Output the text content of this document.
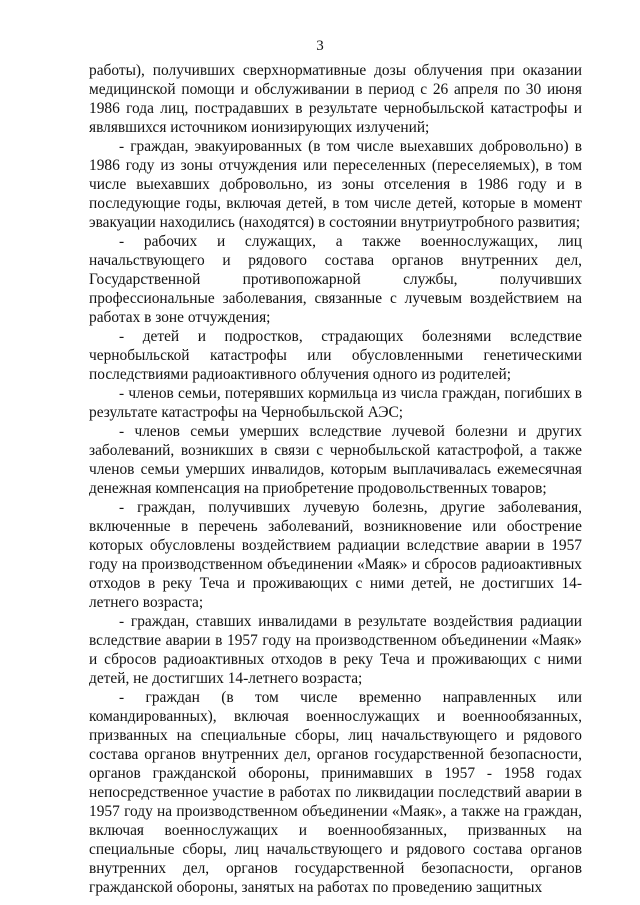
3

работы), получивших сверхнормативные дозы облучения при оказании медицинской помощи и обслуживании в период с 26 апреля по 30 июня 1986 года лиц, пострадавших в результате чернобыльской катастрофы и являвшихся источником ионизирующих излучений;

- граждан, эвакуированных (в том числе выехавших добровольно) в 1986 году из зоны отчуждения или переселенных (переселяемых), в том числе выехавших добровольно, из зоны отселения в 1986 году и в последующие годы, включая детей, в том числе детей, которые в момент эвакуации находились (находятся) в состоянии внутриутробного развития;

- рабочих и служащих, а также военнослужащих, лиц начальствующего и рядового состава органов внутренних дел, Государственной противопожарной службы, получивших профессиональные заболевания, связанные с лучевым воздействием на работах в зоне отчуждения;

- детей и подростков, страдающих болезнями вследствие чернобыльской катастрофы или обусловленными генетическими последствиями радиоактивного облучения одного из родителей;

- членов семьи, потерявших кормильца из числа граждан, погибших в результате катастрофы на Чернобыльской АЭС;

- членов семьи умерших вследствие лучевой болезни и других заболеваний, возникших в связи с чернобыльской катастрофой, а также членов семьи умерших инвалидов, которым выплачивалась ежемесячная денежная компенсация на приобретение продовольственных товаров;

- граждан, получивших лучевую болезнь, другие заболевания, включенные в перечень заболеваний, возникновение или обострение которых обусловлены воздействием радиации вследствие аварии в 1957 году на производственном объединении «Маяк» и сбросов радиоактивных отходов в реку Теча и проживающих с ними детей, не достигших 14-летнего возраста;

- граждан, ставших инвалидами в результате воздействия радиации вследствие аварии в 1957 году на производственном объединении «Маяк» и сбросов радиоактивных отходов в реку Теча и проживающих с ними детей, не достигших 14-летнего возраста;

- граждан (в том числе временно направленных или командированных), включая военнослужащих и военнообязанных, призванных на специальные сборы, лиц начальствующего и рядового состава органов внутренних дел, органов государственной безопасности, органов гражданской обороны, принимавших в 1957 - 1958 годах непосредственное участие в работах по ликвидации последствий аварии в 1957 году на производственном объединении «Маяк», а также на граждан, включая военнослужащих и военнообязанных, призванных на специальные сборы, лиц начальствующего и рядового состава органов внутренних дел, органов государственной безопасности, органов гражданской обороны, занятых на работах по проведению защитных
